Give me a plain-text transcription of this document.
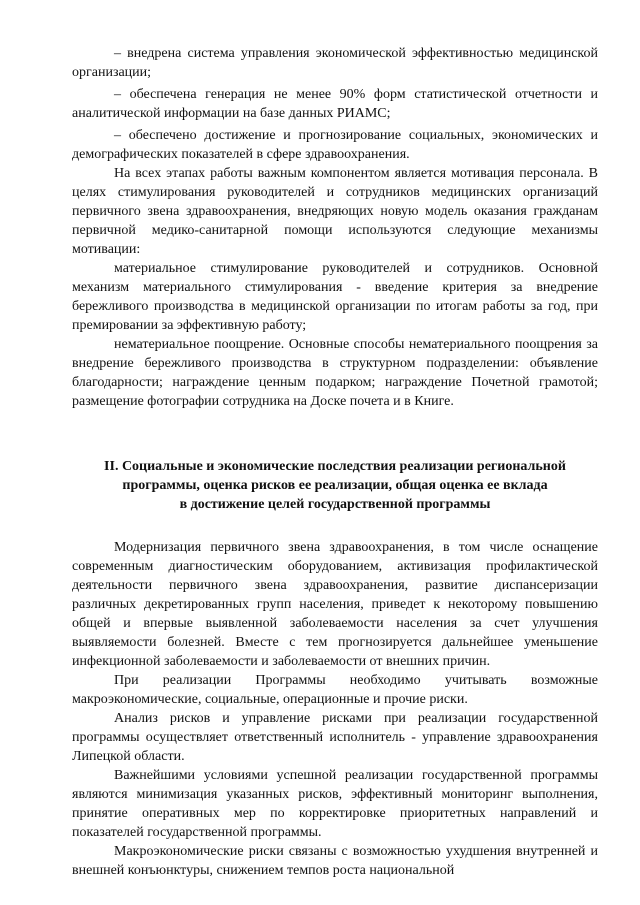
– внедрена система управления экономической эффективностью медицинской организации;

– обеспечена генерация не менее 90% форм статистической отчетности и аналитической информации на базе данных РИАМС;

– обеспечено достижение и прогнозирование социальных, экономических и демографических показателей в сфере здравоохранения.

На всех этапах работы важным компонентом является мотивация персонала. В целях стимулирования руководителей и сотрудников медицинских организаций первичного звена здравоохранения, внедряющих новую модель оказания гражданам первичной медико-санитарной помощи используются следующие механизмы мотивации:

материальное стимулирование руководителей и сотрудников. Основной механизм материального стимулирования - введение критерия за внедрение бережливого производства в медицинской организации по итогам работы за год, при премировании за эффективную работу;

нематериальное поощрение. Основные способы нематериального поощрения за внедрение бережливого производства в структурном подразделении: объявление благодарности; награждение ценным подарком; награждение Почетной грамотой; размещение фотографии сотрудника на Доске почета и в Книге.

II. Социальные и экономические последствия реализации региональной
программы, оценка рисков ее реализации, общая оценка ее вклада
в достижение целей государственной программы

Модернизация первичного звена здравоохранения, в том числе оснащение современным диагностическим оборудованием, активизация профилактической деятельности первичного звена здравоохранения, развитие диспансеризации различных декретированных групп населения, приведет к некоторому повышению общей и впервые выявленной заболеваемости населения за счет улучшения выявляемости болезней. Вместе с тем прогнозируется дальнейшее уменьшение инфекционной заболеваемости и заболеваемости от внешних причин.

При реализации Программы необходимо учитывать возможные макроэкономические, социальные, операционные и прочие риски.

Анализ рисков и управление рисками при реализации государственной программы осуществляет ответственный исполнитель - управление здравоохранения Липецкой области.

Важнейшими условиями успешной реализации государственной программы являются минимизация указанных рисков, эффективный мониторинг выполнения, принятие оперативных мер по корректировке приоритетных направлений и показателей государственной программы.

Макроэкономические риски связаны с возможностью ухудшения внутренней и внешней конъюнктуры, снижением темпов роста национальной
